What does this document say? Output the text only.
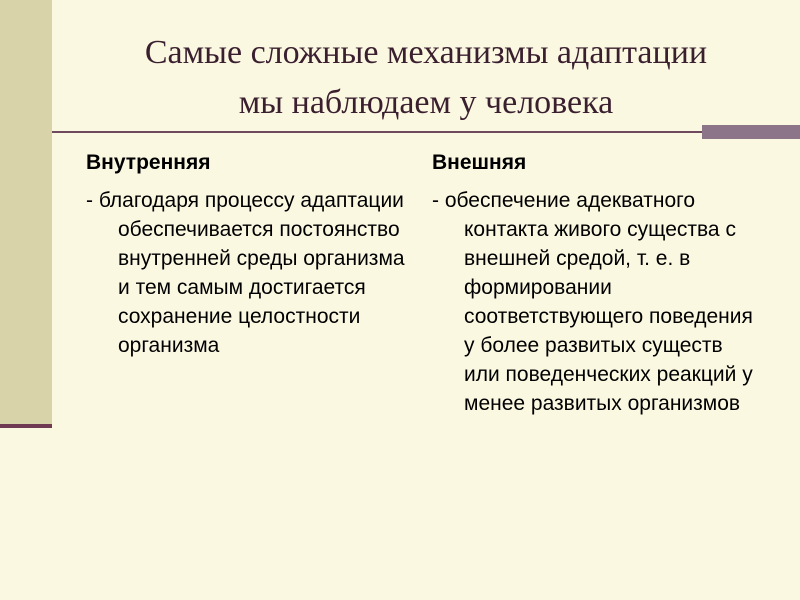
Самые сложные механизмы адаптации
мы наблюдаем у человека

Внутренняя

- благодаря процессу адаптации обеспечивается постоянство внутренней среды организма и тем самым достигается сохранение целостности организма

Внешняя

- обеспечение адекватного контакта живого существа с внешней средой, т. е. в формировании соответствующего поведения у более развитых существ или поведенческих реакций у менее развитых организмов
